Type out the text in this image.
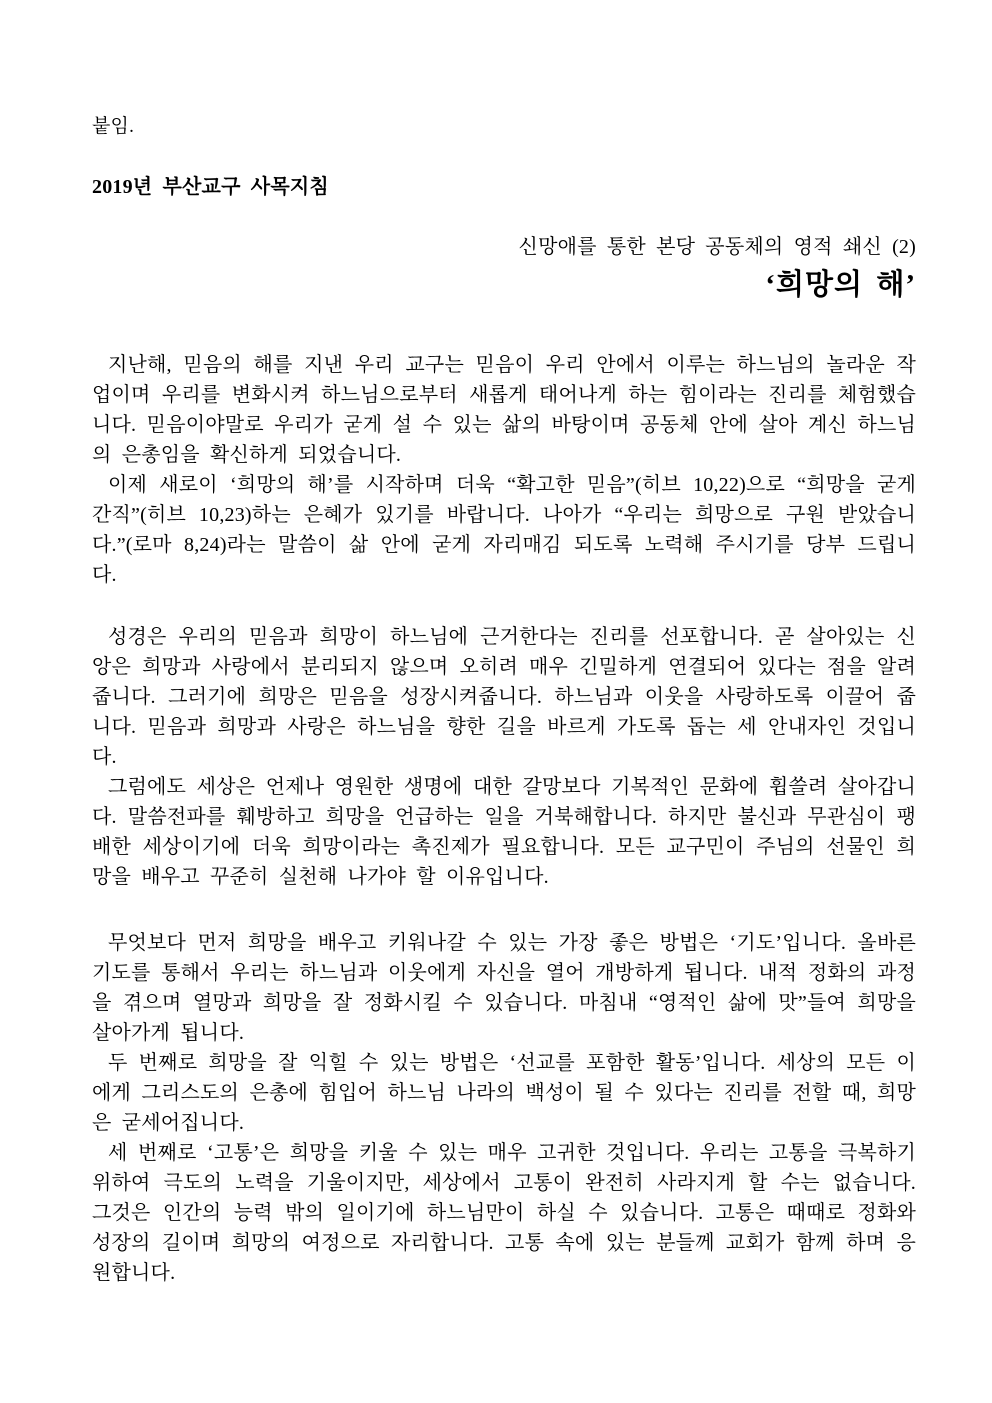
붙임.

2019년 부산교구 사목지침

신망애를 통한 본당 공동체의 영적 쇄신 (2)

‘희망의 해’

지난해, 믿음의 해를 지낸 우리 교구는 믿음이 우리 안에서 이루는 하느님의 놀라운 작업이며 우리를 변화시켜 하느님으로부터 새롭게 태어나게 하는 힘이라는 진리를 체험했습니다. 믿음이야말로 우리가 굳게 설 수 있는 삶의 바탕이며 공동체 안에 살아 계신 하느님의 은총임을 확신하게 되었습니다.

이제 새로이 ‘희망의 해’를 시작하며 더욱 “확고한 믿음”(히브 10,22)으로 “희망을 굳게 간직”(히브 10,23)하는 은혜가 있기를 바랍니다. 나아가 “우리는 희망으로 구원 받았습니다.”(로마 8,24)라는 말씀이 삶 안에 굳게 자리매김 되도록 노력해 주시기를 당부 드립니다.

성경은 우리의 믿음과 희망이 하느님에 근거한다는 진리를 선포합니다. 곧 살아있는 신앙은 희망과 사랑에서 분리되지 않으며 오히려 매우 긴밀하게 연결되어 있다는 점을 알려줍니다. 그러기에 희망은 믿음을 성장시켜줍니다. 하느님과 이웃을 사랑하도록 이끌어 줍니다. 믿음과 희망과 사랑은 하느님을 향한 길을 바르게 가도록 돕는 세 안내자인 것입니다.

그럼에도 세상은 언제나 영원한 생명에 대한 갈망보다 기복적인 문화에 휩쓸려 살아갑니다. 말씀전파를 훼방하고 희망을 언급하는 일을 거북해합니다. 하지만 불신과 무관심이 팽배한 세상이기에 더욱 희망이라는 촉진제가 필요합니다. 모든 교구민이 주님의 선물인 희망을 배우고 꾸준히 실천해 나가야 할 이유입니다.

무엇보다 먼저 희망을 배우고 키워나갈 수 있는 가장 좋은 방법은 ‘기도’입니다. 올바른 기도를 통해서 우리는 하느님과 이웃에게 자신을 열어 개방하게 됩니다. 내적 정화의 과정을 겪으며 열망과 희망을 잘 정화시킬 수 있습니다. 마침내 “영적인 삶에 맛”들여 희망을 살아가게 됩니다.

두 번째로 희망을 잘 익힐 수 있는 방법은 ‘선교를 포함한 활동’입니다. 세상의 모든 이에게 그리스도의 은총에 힘입어 하느님 나라의 백성이 될 수 있다는 진리를 전할 때, 희망은 굳세어집니다.

세 번째로 ‘고통’은 희망을 키울 수 있는 매우 고귀한 것입니다. 우리는 고통을 극복하기 위하여 극도의 노력을 기울이지만, 세상에서 고통이 완전히 사라지게 할 수는 없습니다. 그것은 인간의 능력 밖의 일이기에 하느님만이 하실 수 있습니다. 고통은 때때로 정화와 성장의 길이며 희망의 여정으로 자리합니다. 고통 속에 있는 분들께 교회가 함께 하며 응원합니다.
